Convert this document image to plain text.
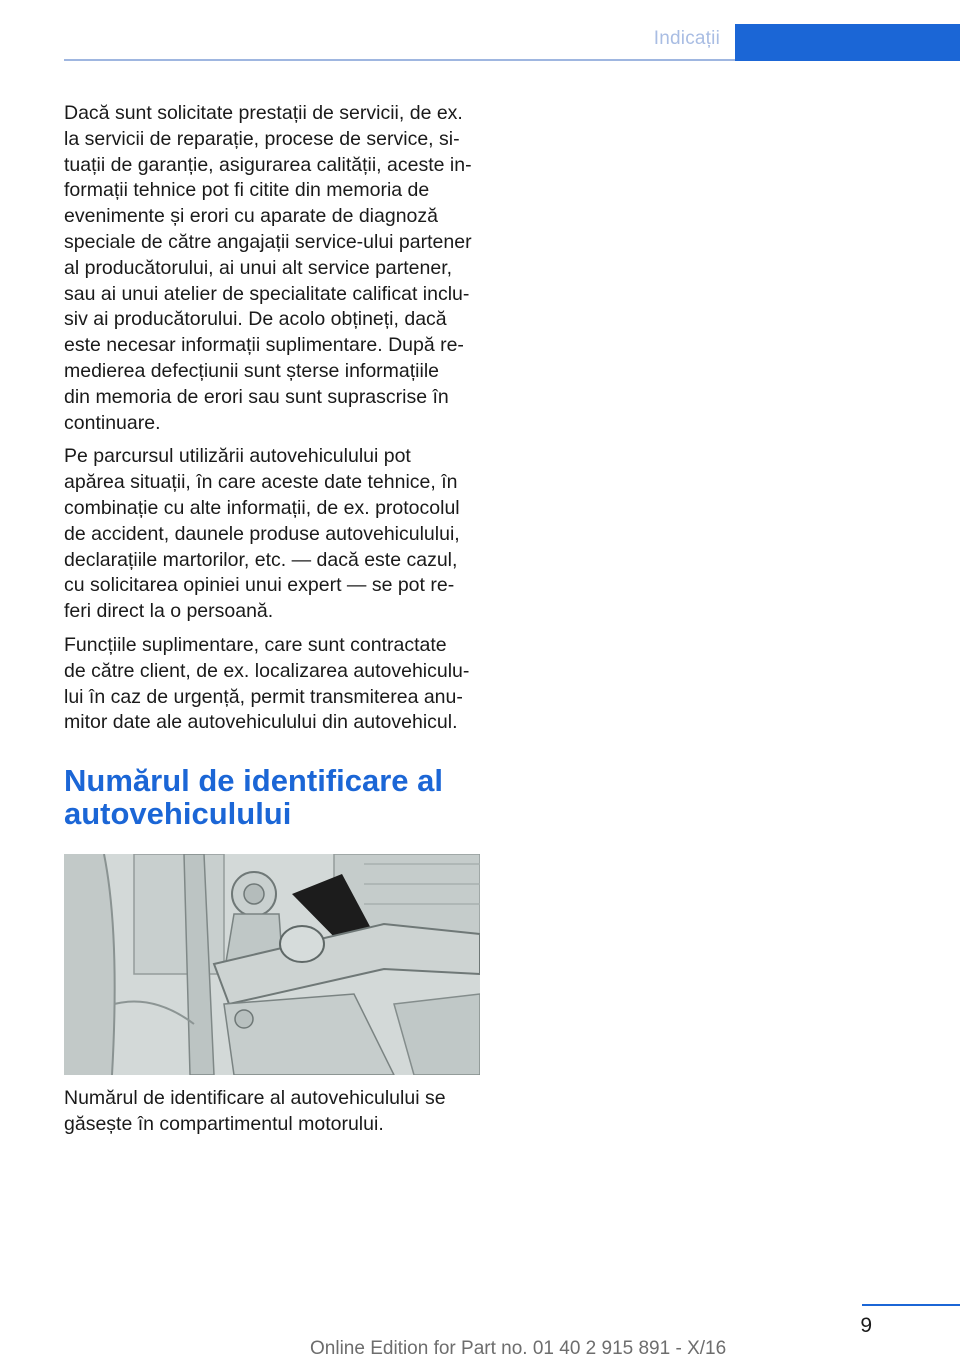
Indicații

Dacă sunt solicitate prestații de servicii, de ex.
la servicii de reparație, procese de service, si-
tuații de garanție, asigurarea calității, aceste in-
formații tehnice pot fi citite din memoria de
evenimente și erori cu aparate de diagnoză
speciale de către angajații service-ului partener
al producătorului, ai unui alt service partener,
sau ai unui atelier de specialitate calificat inclu-
siv ai producătorului. De acolo obțineți, dacă
este necesar informații suplimentare. După re-
medierea defecțiunii sunt șterse informațiile
din memoria de erori sau sunt suprascrise în
continuare.

Pe parcursul utilizării autovehiculului pot
apărea situații, în care aceste date tehnice, în
combinație cu alte informații, de ex. protocolul
de accident, daunele produse autovehiculului,
declarațiile martorilor, etc. — dacă este cazul,
cu solicitarea opiniei unui expert — se pot re-
feri direct la o persoană.

Funcțiile suplimentare, care sunt contractate
de către client, de ex. localizarea autovehiculu-
lui în caz de urgență, permit transmiterea anu-
mitor date ale autovehiculului din autovehicul.

Numărul de identificare al
autovehiculului

Numărul de identificare al autovehiculului se
găsește în compartimentul motorului.

9
Online Edition for Part no. 01 40 2 915 891 - X/16
